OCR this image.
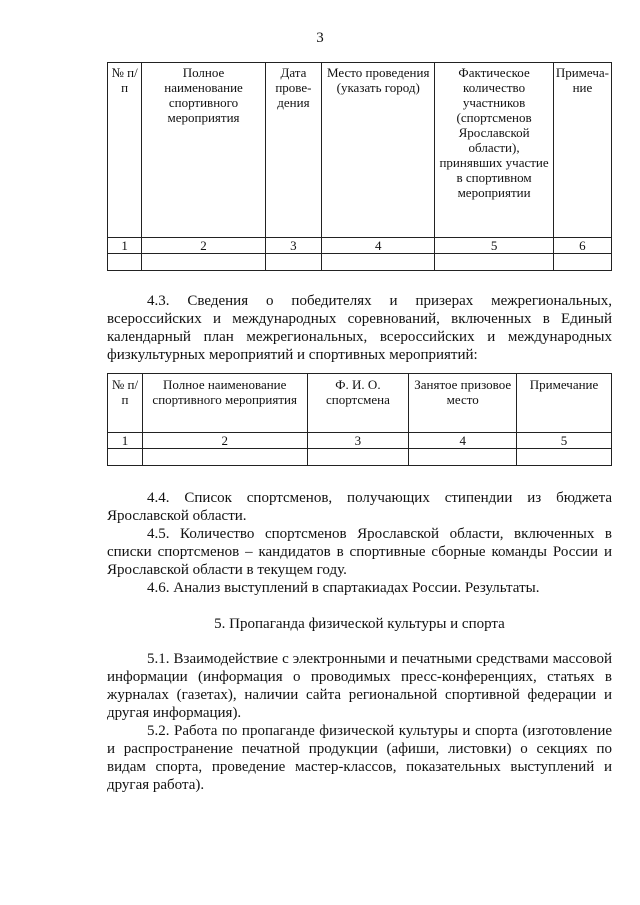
3
№ п/п	Полное наименование спортивного мероприятия	Дата прове-дения	Место проведения (указать город)	Фактическое количество участников (спортсменов Ярославской области), принявших участие в спортивном мероприятии	Примеча-ние
1	2	3	4	5	6

4.3. Сведения о победителях и призерах межрегиональных, всероссийских и международных соревнований, включенных в Единый календарный план межрегиональных, всероссийских и международных физкультурных мероприятий и спортивных мероприятий:

№ п/п	Полное наименование спортивного мероприятия	Ф. И. О. спортсмена	Занятое призовое место	Примечание
1	2	3	4	5

4.4. Список спортсменов, получающих стипендии из бюджета Ярославской области.

4.5. Количество спортсменов Ярославской области, включенных в списки спортсменов – кандидатов в спортивные сборные команды России и Ярославской области в текущем году.

4.6. Анализ выступлений в спартакиадах России. Результаты.

5. Пропаганда физической культуры и спорта

5.1. Взаимодействие с электронными и печатными средствами массовой информации (информация о проводимых пресс-конференциях, статьях в журналах (газетах), наличии сайта региональной спортивной федерации и другая информация).

5.2. Работа по пропаганде физической культуры и спорта (изготовление и распространение печатной продукции (афиши, листовки) о секциях по видам спорта, проведение мастер-классов, показательных выступлений и другая работа).
